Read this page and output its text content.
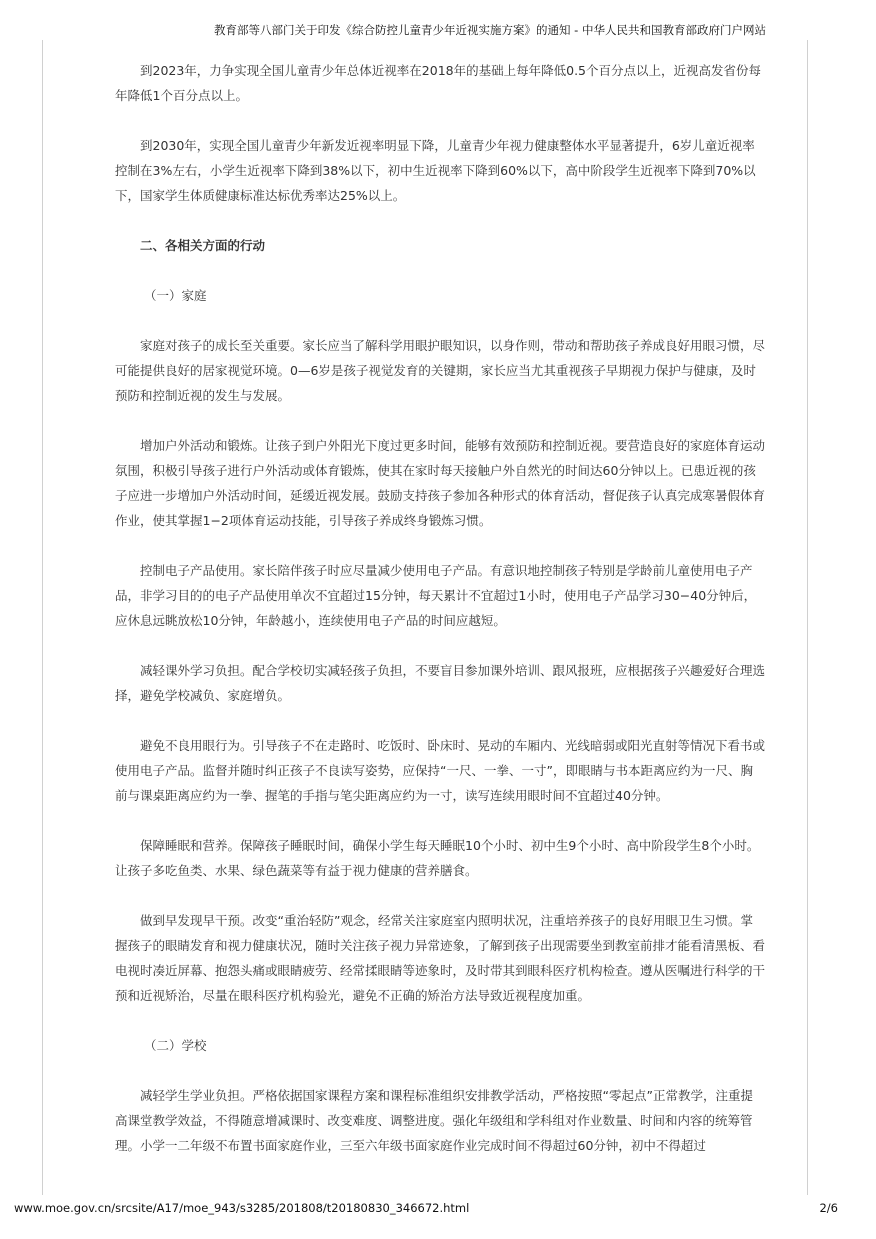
教育部等八部门关于印发《综合防控儿童青少年近视实施方案》的通知 - 中华人民共和国教育部政府门户网站

到2023年，力争实现全国儿童青少年总体近视率在2018年的基础上每年降低0.5个百分点以上，近视高发省份每年降低1个百分点以上。

到2030年，实现全国儿童青少年新发近视率明显下降，儿童青少年视力健康整体水平显著提升，6岁儿童近视率控制在3%左右，小学生近视率下降到38%以下，初中生近视率下降到60%以下，高中阶段学生近视率下降到70%以下，国家学生体质健康标准达标优秀率达25%以上。

二、各相关方面的行动

（一）家庭

家庭对孩子的成长至关重要。家长应当了解科学用眼护眼知识，以身作则，带动和帮助孩子养成良好用眼习惯，尽可能提供良好的居家视觉环境。0—6岁是孩子视觉发育的关键期，家长应当尤其重视孩子早期视力保护与健康，及时预防和控制近视的发生与发展。

增加户外活动和锻炼。让孩子到户外阳光下度过更多时间，能够有效预防和控制近视。要营造良好的家庭体育运动氛围，积极引导孩子进行户外活动或体育锻炼，使其在家时每天接触户外自然光的时间达60分钟以上。已患近视的孩子应进一步增加户外活动时间，延缓近视发展。鼓励支持孩子参加各种形式的体育活动，督促孩子认真完成寒暑假体育作业，使其掌握1−2项体育运动技能，引导孩子养成终身锻炼习惯。

控制电子产品使用。家长陪伴孩子时应尽量减少使用电子产品。有意识地控制孩子特别是学龄前儿童使用电子产品，非学习目的的电子产品使用单次不宜超过15分钟，每天累计不宜超过1小时，使用电子产品学习30−40分钟后，应休息远眺放松10分钟，年龄越小，连续使用电子产品的时间应越短。

减轻课外学习负担。配合学校切实减轻孩子负担，不要盲目参加课外培训、跟风报班，应根据孩子兴趣爱好合理选择，避免学校减负、家庭增负。

避免不良用眼行为。引导孩子不在走路时、吃饭时、卧床时、晃动的车厢内、光线暗弱或阳光直射等情况下看书或使用电子产品。监督并随时纠正孩子不良读写姿势，应保持“一尺、一拳、一寸”，即眼睛与书本距离应约为一尺、胸前与课桌距离应约为一拳、握笔的手指与笔尖距离应约为一寸，读写连续用眼时间不宜超过40分钟。

保障睡眠和营养。保障孩子睡眠时间，确保小学生每天睡眠10个小时、初中生9个小时、高中阶段学生8个小时。让孩子多吃鱼类、水果、绿色蔬菜等有益于视力健康的营养膳食。

做到早发现早干预。改变“重治轻防”观念，经常关注家庭室内照明状况，注重培养孩子的良好用眼卫生习惯。掌握孩子的眼睛发育和视力健康状况，随时关注孩子视力异常迹象，了解到孩子出现需要坐到教室前排才能看清黑板、看电视时凑近屏幕、抱怨头痛或眼睛疲劳、经常揉眼睛等迹象时，及时带其到眼科医疗机构检查。遵从医嘱进行科学的干预和近视矫治，尽量在眼科医疗机构验光，避免不正确的矫治方法导致近视程度加重。

（二）学校

减轻学生学业负担。严格依据国家课程方案和课程标准组织安排教学活动，严格按照“零起点”正常教学，注重提高课堂教学效益，不得随意增减课时、改变难度、调整进度。强化年级组和学科组对作业数量、时间和内容的统筹管理。小学一二年级不布置书面家庭作业，三至六年级书面家庭作业完成时间不得超过60分钟，初中不得超过

www.moe.gov.cn/srcsite/A17/moe_943/s3285/201808/t20180830_346672.html	2/6
